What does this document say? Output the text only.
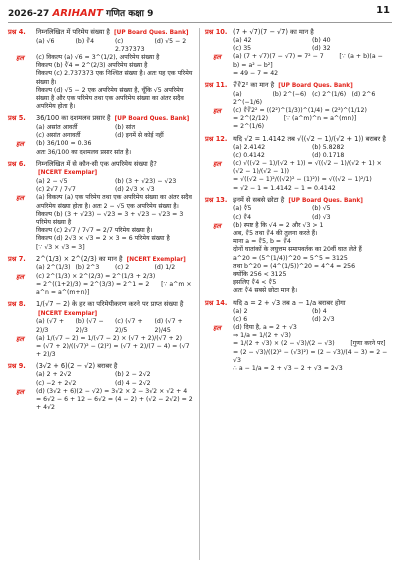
2026-27 ARIHANT गणित कक्षा 9	11
प्रश्न 4. निम्नलिखित में परिमेय संख्या है [UP Board Ques. Bank]
(a) √6	(b) ∛4	(c) 2.737373
(d) √5 − 2
हल (c) विकल्प (a) √6 = 3^(1/2), अपरिमेय संख्या है
विकल्प (b) ∛4 = 2^(2/3) अपरिमेय संख्या है
विकल्प (c) 2.737373 एक निश्चित संख्या है। अतः यह एक परिमेय संख्या है।
विकल्प (d) √5 − 2 एक अपरिमेय संख्या है, चूँकि √5 अपरिमेय संख्या है और एक परिमेय तथा एक अपरिमेय संख्या का अंतर सदैव अपरिमेय होता है।
प्रश्न 5. 36/100 का दशमलव प्रसार है [UP Board Ques. Bank]
(a) असांत आवर्ती	(b) सांत
(c) असांत अनावर्ती	(d) इनमें से कोई नहीं
हल (b) 36/100 = 0.36
अतः 36/100 का दशमलव प्रसार सांत है।
प्रश्न 6. निम्नलिखित में से कौन-सी एक अपरिमेय संख्या है? [NCERT Exemplar]
(a) 2 − √5	(b) (3 + √23) − √23
(c) 2√7 / 7√7	(d) 2√3 × √3
हल (a) विकल्प (a) एक परिमेय तथा एक अपरिमेय संख्या का अंतर सदैव अपरिमेय संख्या होता है। अतः 2 − √5 एक अपरिमेय संख्या है।
विकल्प (b) (3 + √23) − √23 = 3 + √23 − √23 = 3 परिमेय संख्या है
विकल्प (c) 2√7 / 7√7 = 2/7 परिमेय संख्या है।
विकल्प (d) 2√3 × √3 = 2 × 3 = 6 परिमेय संख्या है
[∵ √3 × √3 = 3]
प्रश्न 7. 2^(1/3) × 2^(2/3) का मान है [NCERT Exemplar]
(a) 2^(1/3) (b) 2^3	(c) 2	(d) 1/2
हल (c) 2^(1/3) × 2^(2/3) = 2^(1/3 + 2/3)
= 2^((1+2)/3) = 2^(3/3) = 2^1 = 2      [∵ a^m × a^n = a^(m+n)]
प्रश्न 8. 1/(√7 − 2) के हर का परिमेयीकरण करने पर प्राप्त संख्या है [NCERT Exemplar]
(a) (√7 + 2)/3
(b) (√7 − 2)/3
(c) (√7 + 2)/5
(d) (√7 + 2)/45
हल (a) 1/(√7 − 2) = 1/(√7 − 2) × (√7 + 2)/(√7 + 2)
= (√7 + 2)/((√7)² − (2)²) = (√7 + 2)/(7 − 4) = (√7 + 2)/3
प्रश्न 9. (3√2 + 6)(2 − √2) बराबर है
(a) 2 + 2√2	(b) 2 − 2√2
(c) −2 + 2√2	(d) 4 − 2√2
हल (d) (3√2 + 6)(2 − √2) = 3√2 × 2 − 3√2 × √2 + 4
= 6√2 − 6 + 12 − 6√2 = (4 − 2) + (√2 − 2√2) = 2 + 4√2
प्रश्न 10. (7 + √7)(7 − √7) का मान है
(a) 42	(b) 40
(c) 35	(d) 32
हल (a) (7 + √7)(7 − √7) = 7² − 7        [∵ (a + b)(a − b) = a² − b²]
= 49 − 7 = 42
प्रश्न 11. ∜∛2² का मान है [UP Board Ques. Bank]
(a) 2^(−1/6)
(b) 2^(−6) (c) 2^(1/6) (d) 2^6
हल (c) ∜∛2² = ((2²)^(1/3))^(1/4) = (2²)^(1/12)
= 2^(2/12)        [∵ (a^m)^n = a^(mn)]
= 2^(1/6)
प्रश्न 12. यदि √2 = 1.4142 तब √((√2 − 1)/(√2 + 1)) बराबर है
(a) 2.4142	(b) 5.8282
(c) 0.4142	(d) 0.1718
हल (c) √((√2 − 1)/(√2 + 1)) = √((√2 − 1)/(√2 + 1) × (√2 − 1)/(√2 − 1))
= √((√2 − 1)²/((√2)² − (1)²)) = √((√2 − 1)²/1)
= √2 − 1 = 1.4142 − 1 = 0.4142
प्रश्न 13. इनमें से सबसे छोटा है [UP Board Ques. Bank]
(a) ∜5	(b) √5
(c) ∜4	(d) √3
हल (b) स्पष्ट है कि √4 = 2 और √3 > 1
अब, ∜5 तथा ∜4 की तुलना करते हैं।
माना a = ∜5, b = ∜4
दोनों घातांकों के लघुत्तम समापवर्तक का 20वीं घात लेते हैं
a^20 = (5^(1/4))^20 = 5^5 = 3125
तथा b^20 = (4^(1/5))^20 = 4^4 = 256
क्योंकि 256 < 3125
इसलिए ∜4 < ∜5
अतः ∜4 सबसे छोटा मान है।
प्रश्न 14. यदि a = 2 + √3 तब a − 1/a बराबर होगा
(a) 2	(b) 4
(c) 6	(d) 2√3
हल (d) दिया है, a = 2 + √3
⇒ 1/a = 1/(2 + √3)
= 1/(2 + √3) × (2 − √3)/(2 − √3)        [गुणा करने पर]
= (2 − √3)/((2)² − (√3)²) = (2 − √3)/(4 − 3) = 2 − √3
∴ a − 1/a = 2 + √3 − 2 + √3 = 2√3
